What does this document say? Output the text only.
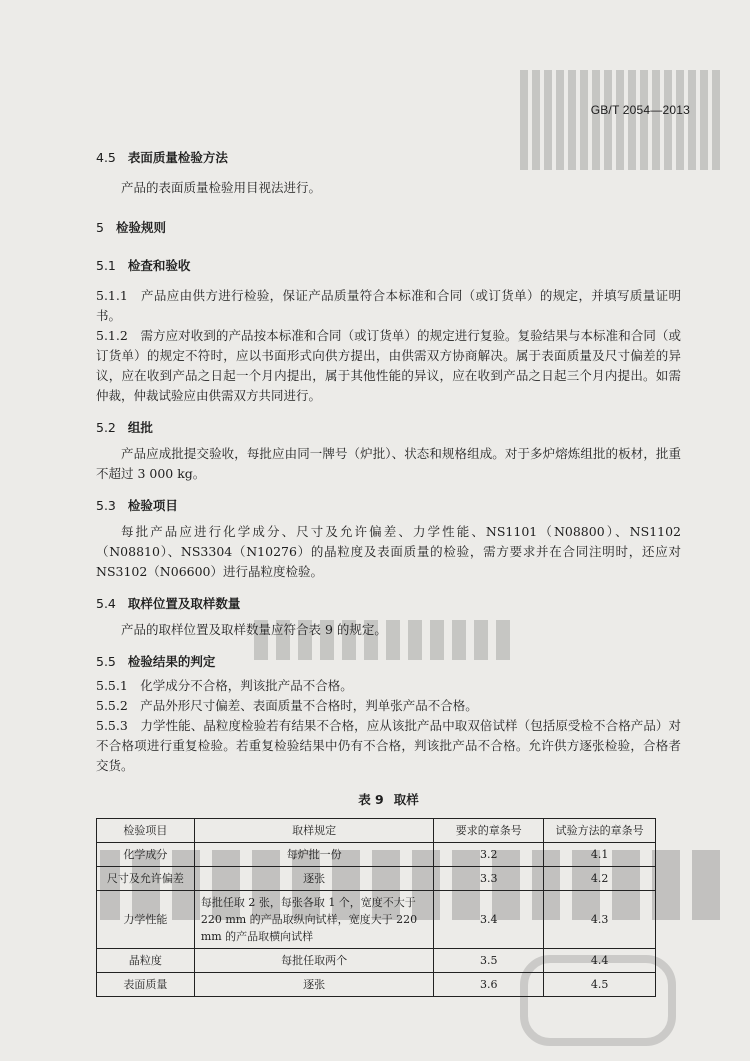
GB/T 2054—2013
4.5 表面质量检验方法

产品的表面质量检验用目视法进行。

5 检验规则
5.1 检查和验收

5.1.1　产品应由供方进行检验，保证产品质量符合本标准和合同（或订货单）的规定，并填写质量证明书。

5.1.2　需方应对收到的产品按本标准和合同（或订货单）的规定进行复验。复验结果与本标准和合同（或订货单）的规定不符时，应以书面形式向供方提出，由供需双方协商解决。属于表面质量及尺寸偏差的异议，应在收到产品之日起一个月内提出，属于其他性能的异议，应在收到产品之日起三个月内提出。如需仲裁，仲裁试验应由供需双方共同进行。

5.2 组批

产品应成批提交验收，每批应由同一牌号（炉批）、状态和规格组成。对于多炉熔炼组批的板材，批重不超过 3 000 kg。

5.3 检验项目

每批产品应进行化学成分、尺寸及允许偏差、力学性能、NS1101（N08800）、NS1102（N08810）、NS3304（N10276）的晶粒度及表面质量的检验，需方要求并在合同注明时，还应对 NS3102（N06600）进行晶粒度检验。

5.4 取样位置及取样数量

产品的取样位置及取样数量应符合表 9 的规定。

5.5 检验结果的判定

5.5.1　化学成分不合格，判该批产品不合格。

5.5.2　产品外形尺寸偏差、表面质量不合格时，判单张产品不合格。

5.5.3　力学性能、晶粒度检验若有结果不合格，应从该批产品中取双倍试样（包括原受检不合格产品）对不合格项进行重复检验。若重复检验结果中仍有不合格，判该批产品不合格。允许供方逐张检验，合格者交货。

表 9 取样
检验项目	取样规定	要求的章条号	试验方法的章条号
化学成分	每炉批一份	3.2	4.1
尺寸及允许偏差	逐张	3.3	4.2
力学性能	每批任取 2 张，每张各取 1 个，宽度不大于 220 mm 的产品取纵向试样，宽度大于 220 mm 的产品取横向试样	3.4	4.3
晶粒度	每批任取两个	3.5	4.4
表面质量	逐张	3.6	4.5
